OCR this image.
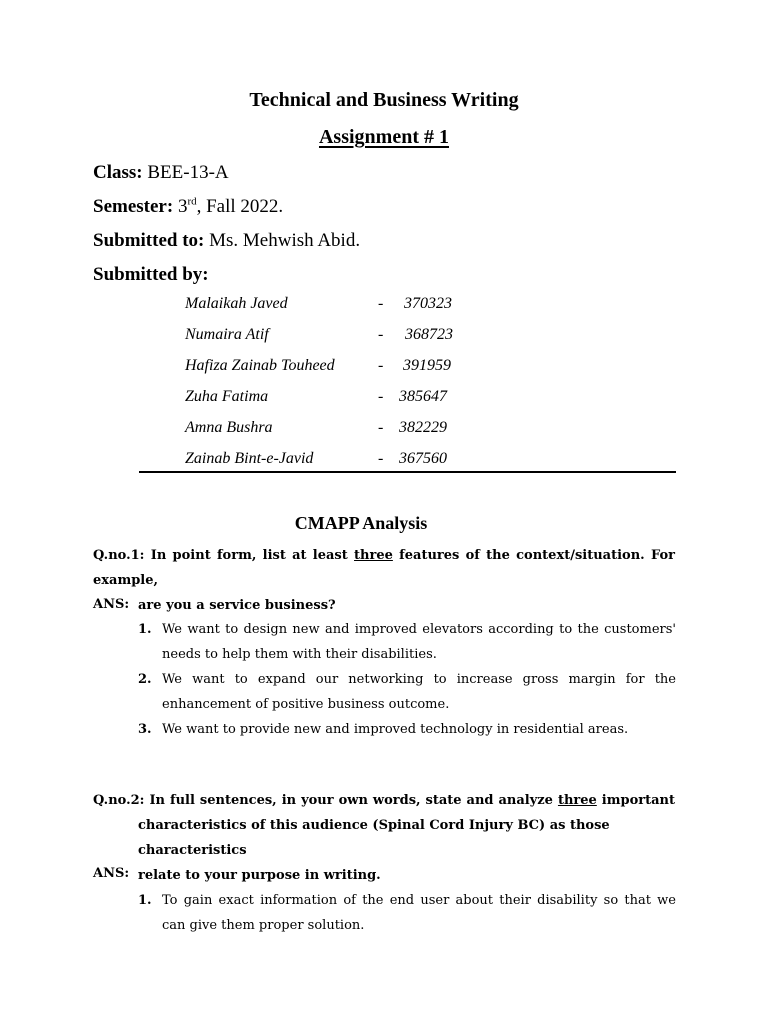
Technical and Business Writing
Assignment # 1
Class: BEE-13-A
Semester: 3rd, Fall 2022.
Submitted to: Ms. Mehwish Abid.
Submitted by:
Malaikah Javed	- 370323
Numaira Atif	- 368723
Hafiza Zainab Touheed	- 391959
Zuha Fatima	- 385647
Amna Bushra	- 382229
Zainab Bint-e-Javid	- 367560
CMAPP Analysis
Q.no.1: In point form, list at least three features of the context/situation. For example,
are you a service business?
ANS:
1. We want to design new and improved elevators according to the customers' needs to help them with their disabilities.
2. We want to expand our networking to increase gross margin for the enhancement of positive business outcome.
3. We want to provide new and improved technology in residential areas.
Q.no.2: In full sentences, in your own words, state and analyze three important
characteristics of this audience (Spinal Cord Injury BC) as those characteristics
relate to your purpose in writing.
ANS:
1. To gain exact information of the end user about their disability so that we can give them proper solution.
